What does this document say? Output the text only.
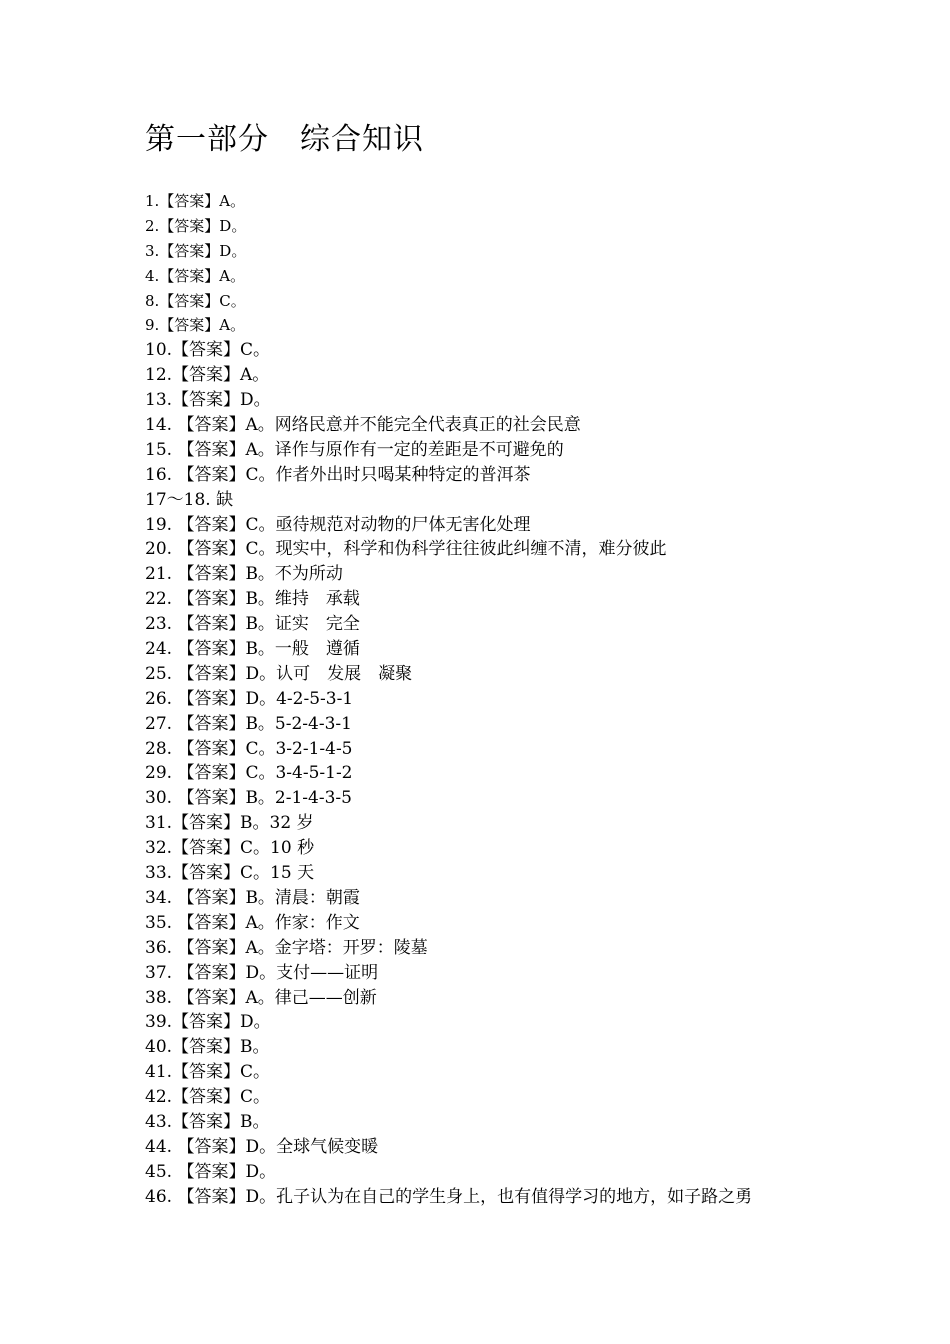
第一部分　综合知识
1.【答案】A。
2.【答案】D。
3.【答案】D。
4.【答案】A。
8.【答案】C。
9.【答案】A。
10.【答案】C。
12.【答案】A。
13.【答案】D。
14. 【答案】A。网络民意并不能完全代表真正的社会民意
15. 【答案】A。译作与原作有一定的差距是不可避免的
16. 【答案】C。作者外出时只喝某种特定的普洱茶
17～18. 缺
19. 【答案】C。亟待规范对动物的尸体无害化处理
20. 【答案】C。现实中，科学和伪科学往往彼此纠缠不清，难分彼此
21. 【答案】B。不为所动
22. 【答案】B。维持　承载
23. 【答案】B。证实　完全
24. 【答案】B。一般　遵循
25. 【答案】D。认可　发展　凝聚
26. 【答案】D。4-2-5-3-1
27. 【答案】B。5-2-4-3-1
28. 【答案】C。3-2-1-4-5
29. 【答案】C。3-4-5-1-2
30. 【答案】B。2-1-4-3-5
31.【答案】B。32 岁
32.【答案】C。10 秒
33.【答案】C。15 天
34. 【答案】B。清晨：朝霞
35. 【答案】A。作家：作文
36. 【答案】A。金字塔：开罗：陵墓
37. 【答案】D。支付——证明
38. 【答案】A。律己——创新
39.【答案】D。
40.【答案】B。
41.【答案】C。
42.【答案】C。
43.【答案】B。
44. 【答案】D。全球气候变暖
45. 【答案】D。
46. 【答案】D。孔子认为在自己的学生身上，也有值得学习的地方，如子路之勇
